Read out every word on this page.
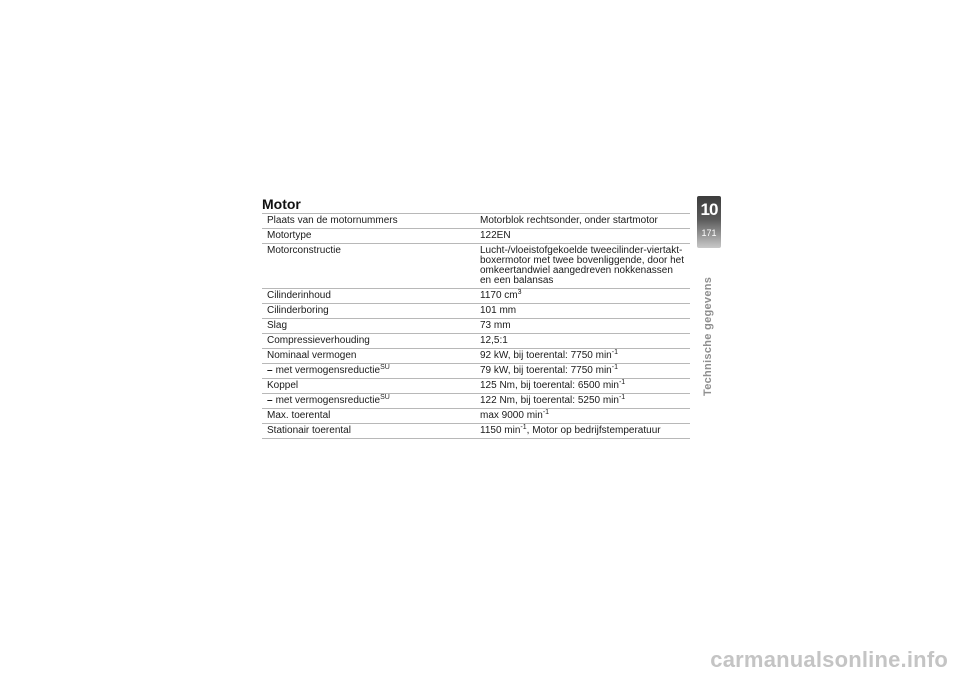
Motor
Plaats van de motornummers	Motorblok rechtsonder, onder startmotor
Motortype	122EN
Motorconstructie	Lucht-/vloeistofgekoelde tweecilinder-viertakt-boxermotor met twee bovenliggende, door het omkeertandwiel aangedreven nokkenassen en een balansas
Cilinderinhoud	1170 $cm^3$
Cilinderboring	101 mm
Slag	73 mm
Compressieverhouding	12,5:1
Nominaal vermogen	92 kW, bij toerental: 7750 $\min^{-1}$
– met vermogensreductie$^{SU}$	79 kW, bij toerental: 7750 $\min^{-1}$
Koppel	125 Nm, bij toerental: 6500 $\min^{-1}$
– met vermogensreductie$^{SU}$	122 Nm, bij toerental: 5250 $\min^{-1}$
Max. toerental	max 9000 $\min^{-1}$
Stationair toerental	1150 $\min^{-1}$, Motor op bedrijfstemperatuur
10
171
Technische gegevens
carmanualsonline.info
